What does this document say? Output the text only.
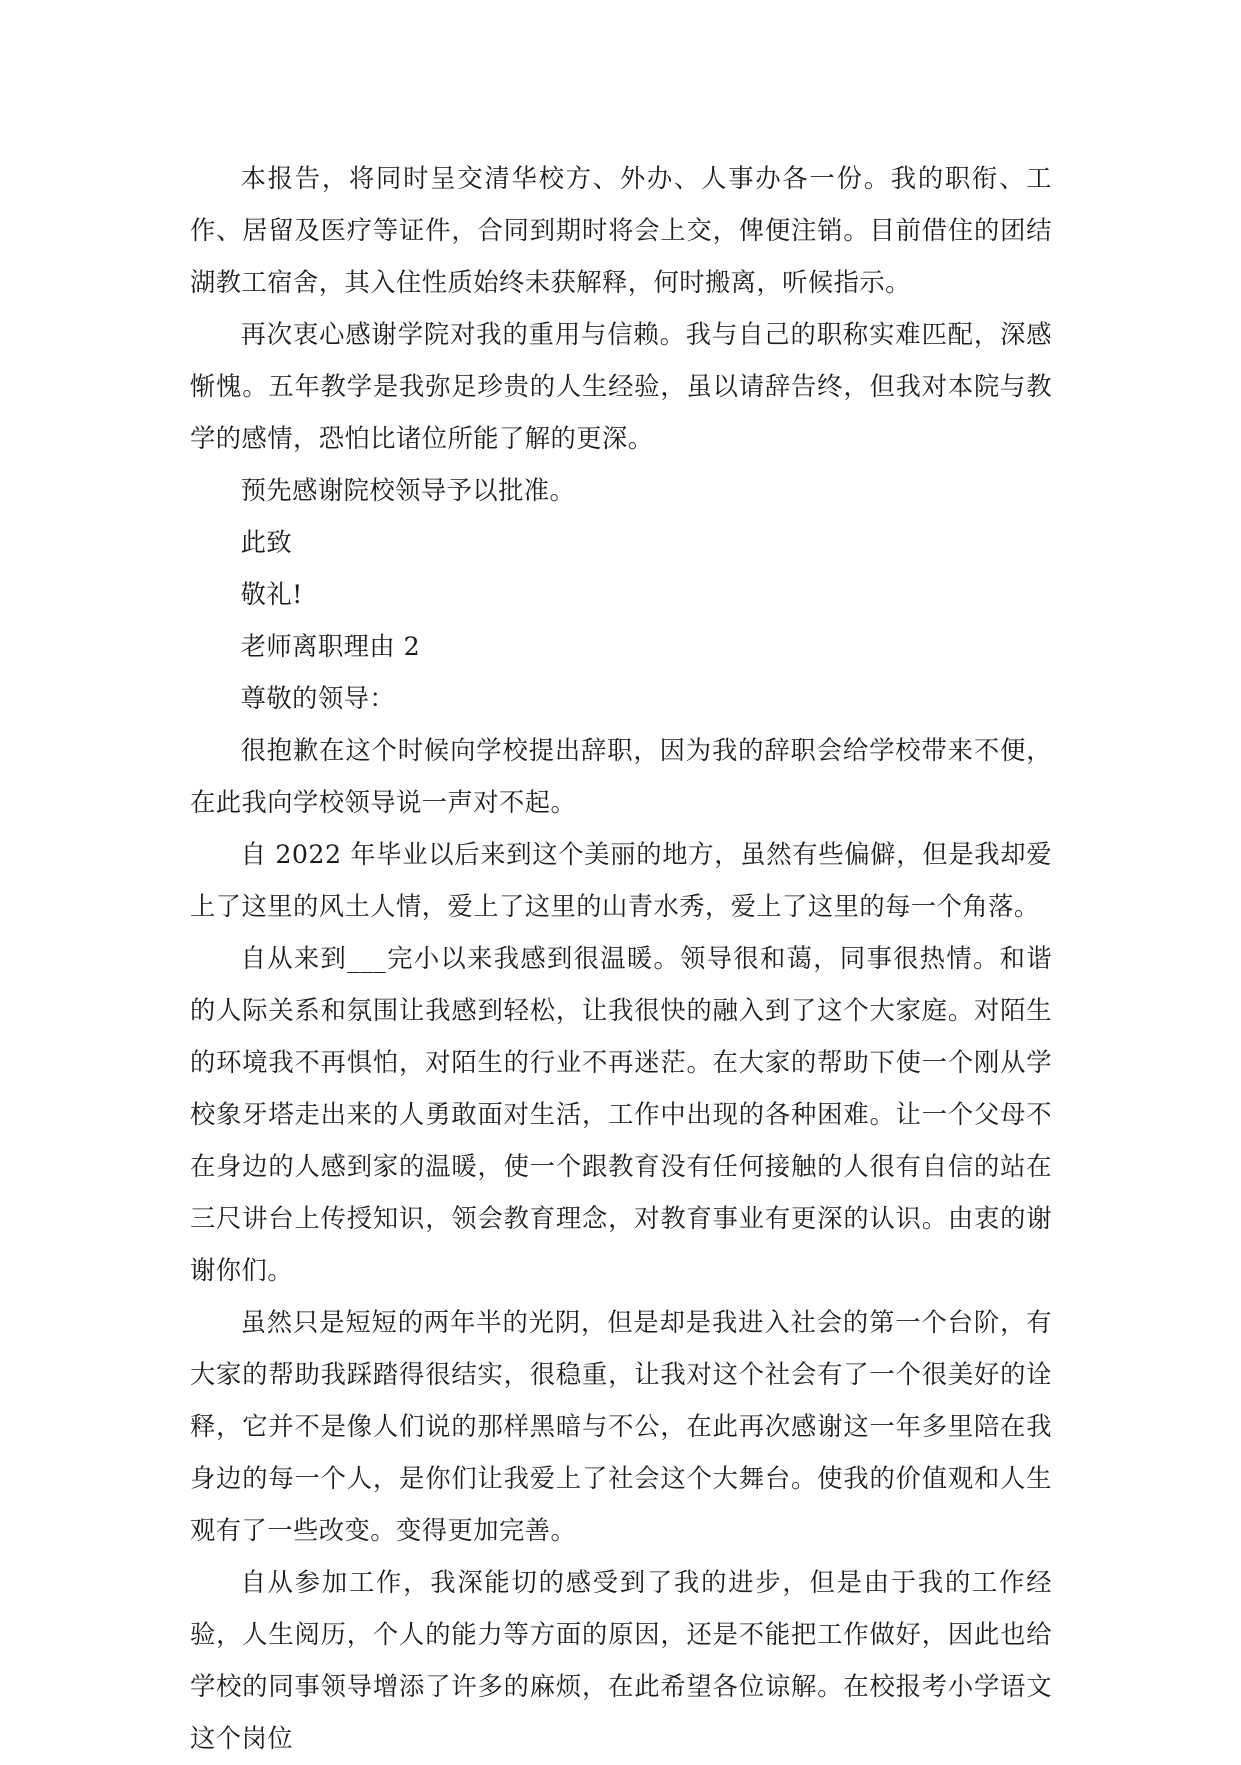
本报告，将同时呈交清华校方、外办、人事办各一份。我的职衔、工作、居留及医疗等证件，合同到期时将会上交，俾便注销。目前借住的团结湖教工宿舍，其入住性质始终未获解释，何时搬离，听候指示。

再次衷心感谢学院对我的重用与信赖。我与自己的职称实难匹配，深感惭愧。五年教学是我弥足珍贵的人生经验，虽以请辞告终，但我对本院与教学的感情，恐怕比诸位所能了解的更深。

预先感谢院校领导予以批准。

此致

敬礼!

老师离职理由 2

尊敬的领导：

很抱歉在这个时候向学校提出辞职，因为我的辞职会给学校带来不便，在此我向学校领导说一声对不起。

自 2022 年毕业以后来到这个美丽的地方，虽然有些偏僻，但是我却爱上了这里的风土人情，爱上了这里的山青水秀，爱上了这里的每一个角落。

自从来到___完小以来我感到很温暖。领导很和蔼，同事很热情。和谐的人际关系和氛围让我感到轻松，让我很快的融入到了这个大家庭。对陌生的环境我不再惧怕，对陌生的行业不再迷茫。在大家的帮助下使一个刚从学校象牙塔走出来的人勇敢面对生活，工作中出现的各种困难。让一个父母不在身边的人感到家的温暖，使一个跟教育没有任何接触的人很有自信的站在三尺讲台上传授知识，领会教育理念，对教育事业有更深的认识。由衷的谢谢你们。

虽然只是短短的两年半的光阴，但是却是我进入社会的第一个台阶，有大家的帮助我踩踏得很结实，很稳重，让我对这个社会有了一个很美好的诠释，它并不是像人们说的那样黑暗与不公，在此再次感谢这一年多里陪在我身边的每一个人，是你们让我爱上了社会这个大舞台。使我的价值观和人生观有了一些改变。变得更加完善。

自从参加工作，我深能切的感受到了我的进步，但是由于我的工作经验，人生阅历，个人的能力等方面的原因，还是不能把工作做好，因此也给学校的同事领导增添了许多的麻烦，在此希望各位谅解。在校报考小学语文这个岗位
